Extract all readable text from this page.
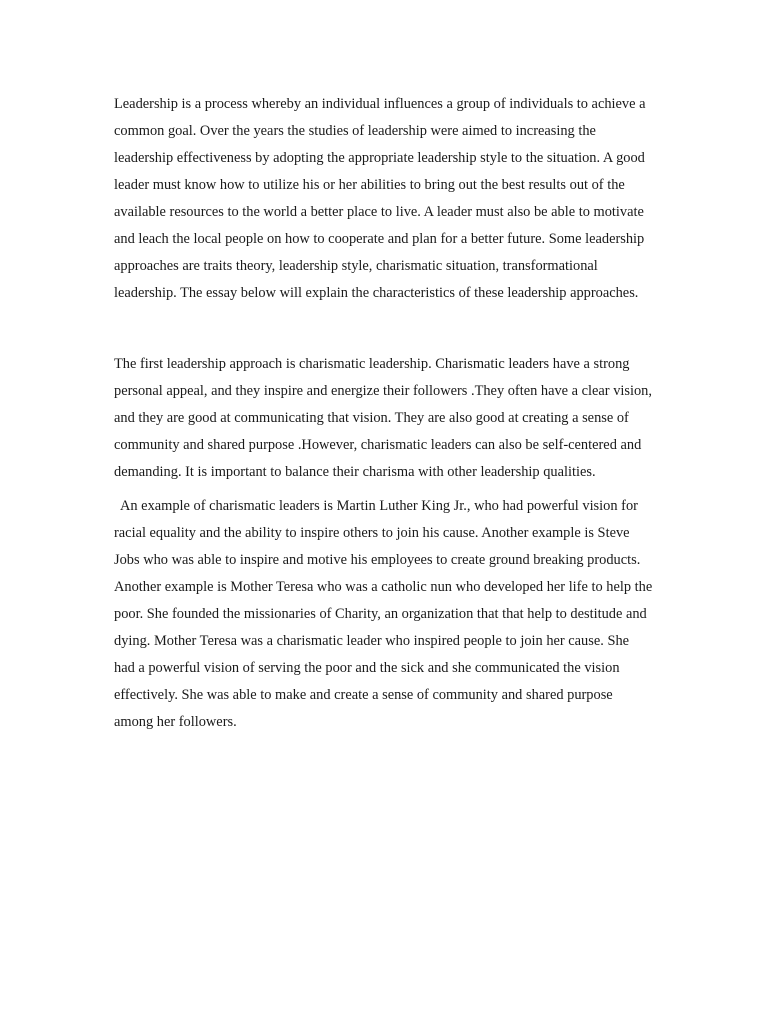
Leadership is a process whereby an individual influences a group of individuals to achieve a
common goal. Over the years the studies of leadership were aimed to increasing the
leadership effectiveness by adopting the appropriate leadership style to the situation. A good
leader must know how to utilize his or her abilities to bring out the best results out of the
available resources to the world a better place to live. A leader must also be able to motivate
and leach the local people on how to cooperate and plan for a better future. Some leadership
approaches are traits theory, leadership style, charismatic situation, transformational
leadership. The essay below will explain the characteristics of these leadership approaches.
The first leadership approach is charismatic leadership. Charismatic leaders have a strong
personal appeal, and they inspire and energize their followers .They often have a clear vision,
and they are good at communicating that vision. They are also good at creating a sense of
community and shared purpose .However, charismatic leaders can also be self-centered and
demanding. It is important to balance their charisma with other leadership qualities.
An example of charismatic leaders is Martin Luther King Jr., who had powerful vision for
racial equality and the ability to inspire others to join his cause. Another example is Steve
Jobs who was able to inspire and motive his employees to create ground breaking products.
Another example is Mother Teresa who was a catholic nun who developed her life to help the
poor. She founded the missionaries of Charity, an organization that that help to destitude and
dying. Mother Teresa was a charismatic leader who inspired people to join her cause. She
had a powerful vision of serving the poor and the sick and she communicated the vision
effectively. She was able to make and create a sense of community and shared purpose
among her followers.
